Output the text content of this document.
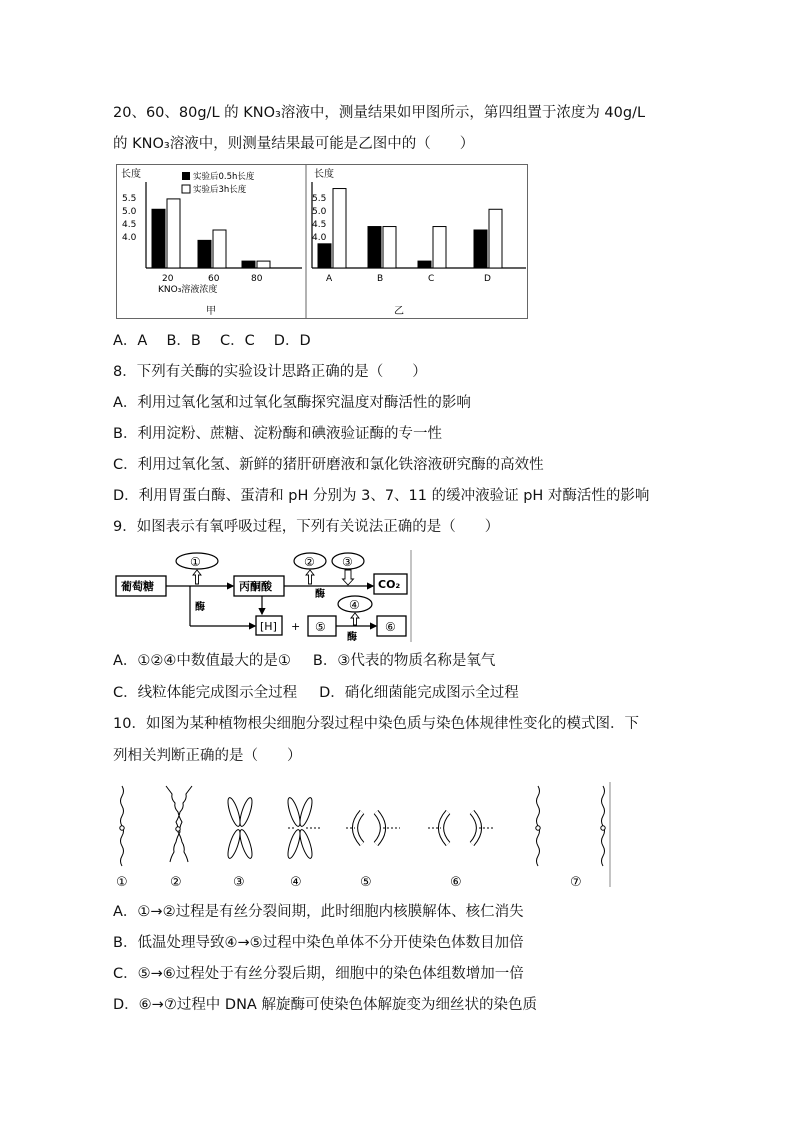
20、60、80g/L 的 KNO₃溶液中，测量结果如甲图所示，第四组置于浓度为 40g/L
的 KNO₃溶液中，则测量结果最可能是乙图中的（　　）
长度
5.5
5.0
4.5
4.0
实验后0.5h长度
实验后3h长度
20	60	80
KNO₃溶液浓度
甲
长度
5.5
5.0
4.5
4.0
A	B	C	D
乙
A．A　 B．B　 C．C　 D．D
8．下列有关酶的实验设计思路正确的是（　　）
A．利用过氧化氢和过氧化氢酶探究温度对酶活性的影响
B．利用淀粉、蔗糖、淀粉酶和碘液验证酶的专一性
C．利用过氧化氢、新鲜的猪肝研磨液和氯化铁溶液研究酶的高效性
D．利用胃蛋白酶、蛋清和 pH 分别为 3、7、11 的缓冲液验证 pH 对酶活性的影响
9．如图表示有氧呼吸过程，下列有关说法正确的是（　　）
葡萄糖
①
酶
丙酮酸
[H] +
② ③
酶
CO₂
⑤
④
酶
⑥
A．①②④中数值最大的是① B．③代表的物质名称是氧气
C．线粒体能完成图示全过程 D．硝化细菌能完成图示全过程
10．如图为某种植物根尖细胞分裂过程中染色质与染色体规律性变化的模式图．下
列相关判断正确的是（　　）
①	②	③	④	⑤	⑥	⑦
A．①→②过程是有丝分裂间期，此时细胞内核膜解体、核仁消失
B．低温处理导致④→⑤过程中染色单体不分开使染色体数目加倍
C．⑤→⑥过程处于有丝分裂后期，细胞中的染色体组数增加一倍
D．⑥→⑦过程中 DNA 解旋酶可使染色体解旋变为细丝状的染色质
